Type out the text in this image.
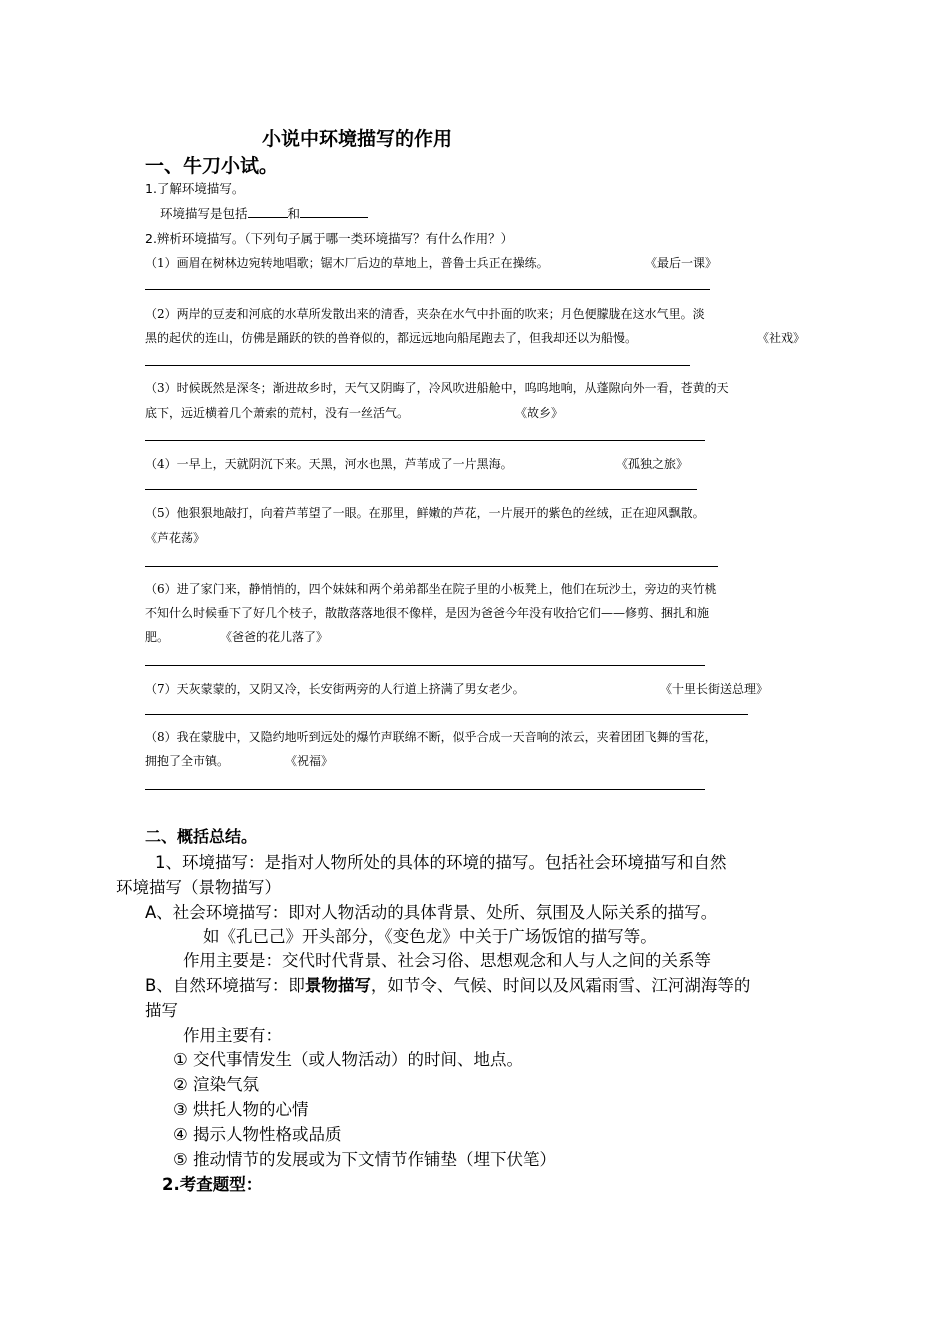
小说中环境描写的作用
一、牛刀小试。
1.了解环境描写。
环境描写是包括	和
2.辨析环境描写。（下列句子属于哪一类环境描写？有什么作用？）
（1）画眉在树林边宛转地唱歌；锯木厂后边的草地上，普鲁士兵正在操练。	《最后一课》
（2）两岸的豆麦和河底的水草所发散出来的清香，夹杂在水气中扑面的吹来；月色便朦胧在这水气里。淡
黑的起伏的连山，仿佛是踊跃的铁的兽脊似的，都远远地向船尾跑去了，但我却还以为船慢。	《社戏》
（3）时候既然是深冬；渐进故乡时，天气又阴晦了，冷风吹进船舱中，呜呜地响，从蓬隙向外一看，苍黄的天
底下，远近横着几个萧索的荒村，没有一丝活气。	《故乡》
（4）一早上，天就阴沉下来。天黑，河水也黑，芦苇成了一片黑海。	《孤独之旅》
（5）他狠狠地敲打，向着芦苇望了一眼。在那里，鲜嫩的芦花，一片展开的紫色的丝绒，正在迎风飘散。
《芦花荡》
（6）进了家门来，静悄悄的，四个妹妹和两个弟弟都坐在院子里的小板凳上，他们在玩沙土，旁边的夹竹桃
不知什么时候垂下了好几个枝子，散散落落地很不像样，是因为爸爸今年没有收拾它们——修剪、捆扎和施
肥。	《爸爸的花儿落了》
（7）天灰蒙蒙的，又阴又冷，长安街两旁的人行道上挤满了男女老少。	《十里长街送总理》
（8）我在蒙胧中，又隐约地听到远处的爆竹声联绵不断，似乎合成一天音响的浓云，夹着团团飞舞的雪花，
拥抱了全市镇。	《祝福》
二、概括总结。
1、环境描写：是指对人物所处的具体的环境的描写。包括社会环境描写和自然
环境描写（景物描写）
A、社会环境描写：即对人物活动的具体背景、处所、氛围及人际关系的描写。
如《孔已己》开头部分，《变色龙》中关于广场饭馆的描写等。
作用主要是：交代时代背景、社会习俗、思想观念和人与人之间的关系等
B、自然环境描写：即景物描写，如节令、气候、时间以及风霜雨雪、江河湖海等的
描写
作用主要有：
① 交代事情发生（或人物活动）的时间、地点。
② 渲染气氛
③ 烘托人物的心情
④ 揭示人物性格或品质
⑤ 推动情节的发展或为下文情节作铺垫（埋下伏笔）
2.考查题型：
